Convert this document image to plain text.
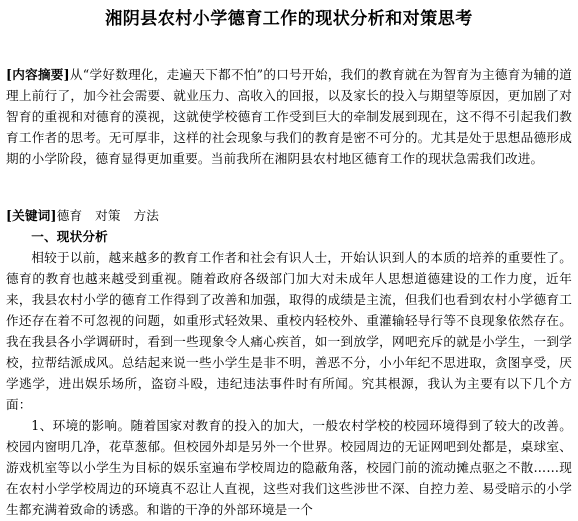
湘阴县农村小学德育工作的现状分析和对策思考
[内容摘要]从“学好数理化，走遍天下都不怕”的口号开始，我们的教育就在为智育为主德育为辅的道理上前行了，加今社会需要、就业压力、高收入的回报，以及家长的投入与期望等原因，更加剧了对智育的重视和对德育的漠视，这就使学校德育工作受到巨大的牵制发展到现在，这不得不引起我们教育工作者的思考。无可厚非，这样的社会现象与我们的教育是密不可分的。尤其是处于思想品德形成期的小学阶段，德育显得更加重要。当前我所在湘阴县农村地区德育工作的现状急需我们改进。
[关键词]德育　对策　方法
一、现状分析

相较于以前，越来越多的教育工作者和社会有识人士，开始认识到人的本质的培养的重要性了。德育的教育也越来越受到重视。随着政府各级部门加大对未成年人思想道德建设的工作力度，近年来，我县农村小学的德育工作得到了改善和加强，取得的成绩是主流，但我们也看到农村小学德育工作还存在着不可忽视的问题，如重形式轻效果、重校内轻校外、重灌输轻导行等不良现象依然存在。我在我县各小学调研时，看到一些现象令人痛心疾首，如一到放学，网吧充斥的就是小学生，一到学校，拉帮结派成风。总结起来说一些小学生是非不明，善恶不分，小小年纪不思进取，贪图享受，厌学逃学，进出娱乐场所，盗窃斗殴，违纪违法事件时有所闻。究其根源，我认为主要有以下几个方面：

1、环境的影响。随着国家对教育的投入的加大，一般农村学校的校园环境得到了较大的改善。校园内窗明几净，花草葱郁。但校园外却是另外一个世界。校园周边的无证网吧到处都是，桌球室、游戏机室等以小学生为目标的娱乐室遍布学校周边的隐蔽角落，校园门前的流动摊点驱之不散……现在农村小学学校周边的环境真不忍让人直视，这些对我们这些涉世不深、自控力差、易受暗示的小学生都充满着致命的诱惑。和谐的干净的外部环境是一个
